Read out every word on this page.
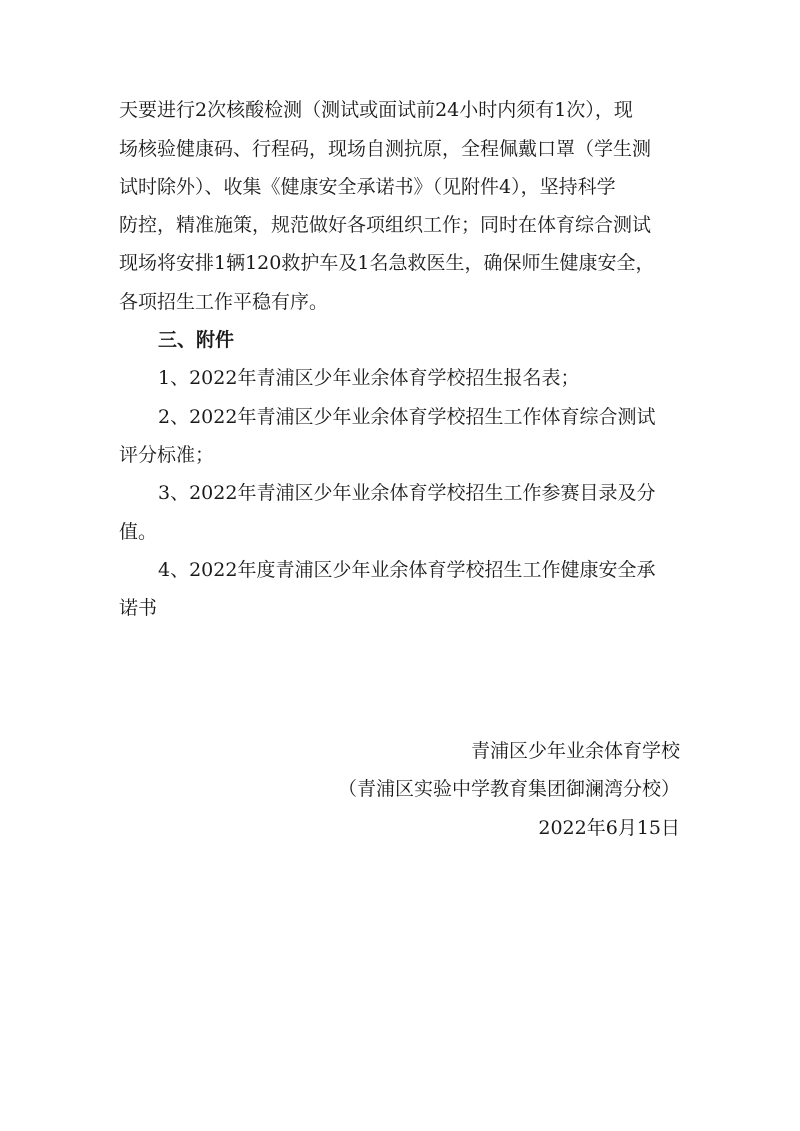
天要进行2次核酸检测（测试或面试前24小时内须有1次），现
场核验健康码、行程码，现场自测抗原，全程佩戴口罩（学生测
试时除外）、收集《健康安全承诺书》（见附件4），坚持科学
防控，精准施策，规范做好各项组织工作；同时在体育综合测试
现场将安排1辆120救护车及1名急救医生，确保师生健康安全，
各项招生工作平稳有序。
三、附件
1、2022年青浦区少年业余体育学校招生报名表；
2、2022年青浦区少年业余体育学校招生工作体育综合测试
评分标准；
3、2022年青浦区少年业余体育学校招生工作参赛目录及分
值。
4、2022年度青浦区少年业余体育学校招生工作健康安全承
诺书
青浦区少年业余体育学校
（青浦区实验中学教育集团御澜湾分校）
2022年6月15日
